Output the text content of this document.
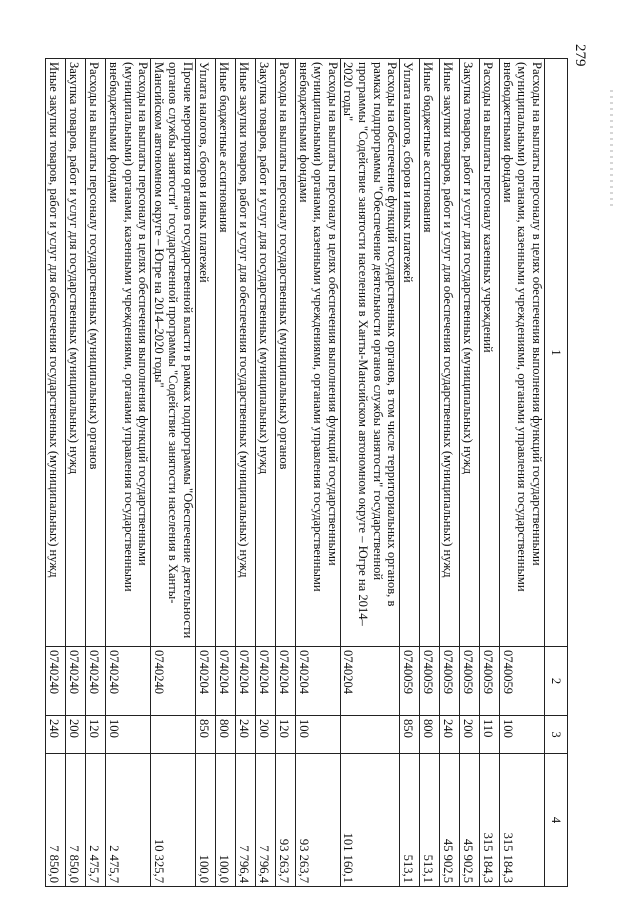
279
1	2	3	4
Расходы на выплаты персоналу в целях обеспечения выполнения функций государственными (муниципальными) органами, казенными учреждениями, органами управления государственными внебюджетными фондами	0740059	100	315 184,3
Расходы на выплаты персоналу казенных учреждений	0740059	110	315 184,3
Закупка товаров, работ и услуг для государственных (муниципальных) нужд	0740059	200	45 902,5
Иные закупки товаров, работ и услуг для обеспечения государственных (муниципальных) нужд	0740059	240	45 902,5
Иные бюджетные ассигнования	0740059	800	513,1
Уплата налогов, сборов и иных платежей	0740059	850	513,1
Расходы на обеспечение функций государственных органов, в том числе территориальных органов, в рамках подпрограммы "Обеспечение деятельности органов службы занятости" государственной программы "Содействие занятости населения в Ханты-Мансийском автономном округе – Югре на 2014–2020 годы"	0740204		101 160,1
Расходы на выплаты персоналу в целях обеспечения выполнения функций государственными (муниципальными) органами, казенными учреждениями, органами управления государственными внебюджетными фондами	0740204	100	93 263,7
Расходы на выплаты персоналу государственных (муниципальных) органов	0740204	120	93 263,7
Закупка товаров, работ и услуг для государственных (муниципальных) нужд	0740204	200	7 796,4
Иные закупки товаров, работ и услуг для обеспечения государственных (муниципальных) нужд	0740204	240	7 796,4
Иные бюджетные ассигнования	0740204	800	100,0
Уплата налогов, сборов и иных платежей	0740204	850	100,0
Прочие мероприятия органов государственной власти в рамках подпрограммы "Обеспечение деятельности органов службы занятости" государственной программы "Содействие занятости населения в Ханты-Мансийском автономном округе – Югре на 2014–2020 годы"	0740240		10 325,7
Расходы на выплаты персоналу в целях обеспечения выполнения функций государственными (муниципальными) органами, казенными учреждениями, органами управления государственными внебюджетными фондами	0740240	100	2 475,7
Расходы на выплаты персоналу государственных (муниципальных) органов	0740240	120	2 475,7
Закупка товаров, работ и услуг для государственных (муниципальных) нужд	0740240	200	7 850,0
Иные закупки товаров, работ и услуг для обеспечения государственных (муниципальных) нужд	0740240	240	7 850,0
